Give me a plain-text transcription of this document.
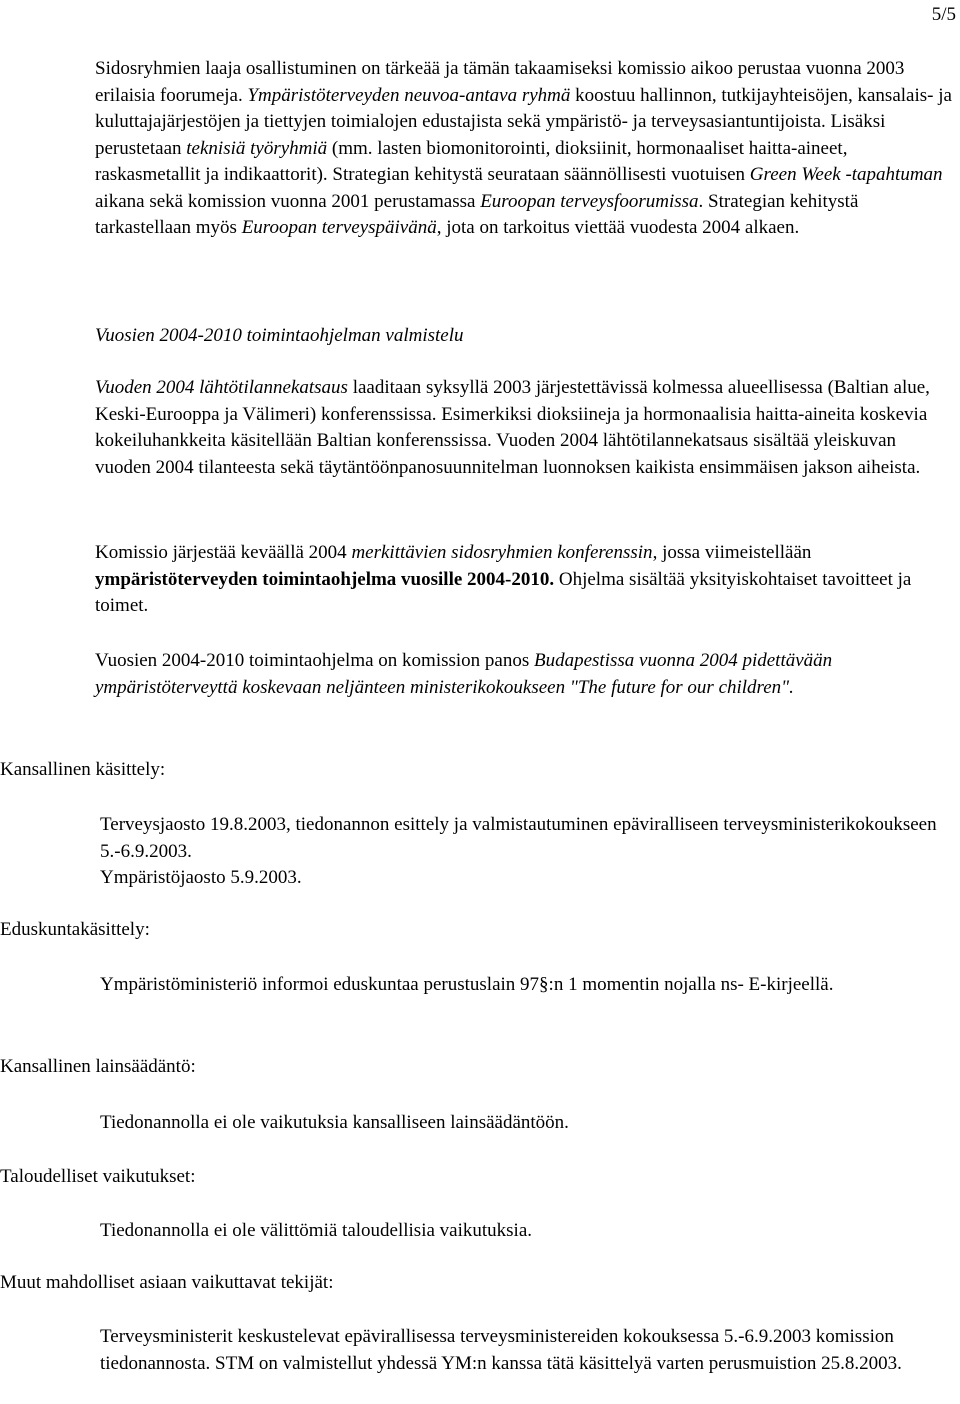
5/5

Sidosryhmien laaja osallistuminen on tärkeää ja tämän takaamiseksi komissio aikoo perustaa vuonna 2003 erilaisia foorumeja. Ympäristöterveyden neuvoa-antava ryhmä koostuu hallinnon, tutkijayhteisöjen, kansalais- ja kuluttajajärjestöjen ja tiettyjen toimialojen edustajista sekä ympäristö- ja terveysasiantuntijoista. Lisäksi perustetaan teknisiä työryhmiä (mm. lasten biomonitorointi, dioksiinit, hormonaaliset haitta-aineet, raskasmetallit ja indikaattorit). Strategian kehitystä seurataan säännöllisesti vuotuisen Green Week -tapahtuman aikana sekä komission vuonna 2001 perustamassa Euroopan terveysfoorumissa. Strategian kehitystä tarkastellaan myös Euroopan terveyspäivänä, jota on tarkoitus viettää vuodesta 2004 alkaen.

Vuosien 2004-2010 toimintaohjelman valmistelu

Vuoden 2004 lähtötilannekatsaus laaditaan syksyllä 2003 järjestettävissä kolmessa alueellisessa (Baltian alue, Keski-Eurooppa ja Välimeri) konferenssissa. Esimerkiksi dioksiineja ja hormonaalisia haitta-aineita koskevia kokeiluhankkeita käsitellään Baltian konferenssissa. Vuoden 2004 lähtötilannekatsaus sisältää yleiskuvan vuoden 2004 tilanteesta sekä täytäntöönpanosuunnitelman luonnoksen kaikista ensimmäisen jakson aiheista.

Komissio järjestää keväällä 2004 merkittävien sidosryhmien konferenssin, jossa viimeistellään ympäristöterveyden toimintaohjelma vuosille 2004-2010. Ohjelma sisältää yksityiskohtaiset tavoitteet ja toimet.

Vuosien 2004-2010 toimintaohjelma on komission panos Budapestissa vuonna 2004 pidettävään ympäristöterveyttä koskevaan neljänteen ministerikokoukseen "The future for our children".

Kansallinen käsittely:

Terveysjaosto 19.8.2003, tiedonannon esittely ja valmistautuminen epäviralliseen terveysministerikokoukseen 5.-6.9.2003.
Ympäristöjaosto 5.9.2003.

Eduskuntakäsittely:

Ympäristöministeriö informoi eduskuntaa perustuslain 97§:n 1 momentin nojalla ns- E-kirjeellä.

Kansallinen lainsäädäntö:

Tiedonannolla ei ole vaikutuksia kansalliseen lainsäädäntöön.

Taloudelliset vaikutukset:

Tiedonannolla ei ole välittömiä taloudellisia vaikutuksia.

Muut mahdolliset asiaan vaikuttavat tekijät:

Terveysministerit keskustelevat epävirallisessa terveysministereiden kokouksessa 5.-6.9.2003 komission tiedonannosta. STM on valmistellut yhdessä YM:n kanssa tätä käsittelyä varten perusmuistion 25.8.2003.
